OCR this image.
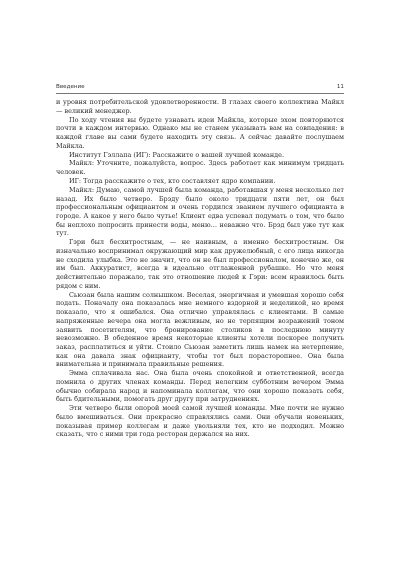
Введение	11

и уровня потребительской удовлетворенности. В глазах своего коллектива Майкл — великий менеджер.

По ходу чтения вы будете узнавать идеи Майкла, которые эхом повторяются почти в каждом интервью. Однако мы не станем указывать вам на совпадения: в каждой главе вы сами будете находить эту связь. А сейчас давайте послушаем Майкла.

Институт Гэллапа (ИГ): Расскажите о вашей лучшей команде.

Майкл: Уточните, пожалуйста, вопрос. Здесь работает как минимум тридцать человек.

ИГ: Тогда расскажите о тех, кто составляет ядро компании.

Майкл: Думаю, самой лучшей была команда, работавшая у меня несколько лет назад. Их было четверо. Брэду было около тридцати пяти лет, он был профессиональным официантом и очень гордился званием лучшего официанта в городе. А какое у него было чутье! Клиент едва успевал подумать о том, что было бы неплохо попросить принести воды, меню… неважно что. Брэд был уже тут как тут.

Гэри был бесхитростным, — не наивным, а именно бесхитростным. Он изначально воспринимал окружающий мир как дружелюбный, с его лица никогда не сходила улыбка. Это не значит, что он не был профессионалом, конечно же, он им был. Аккуратист, всегда в идеально отглаженной рубашке. Но что меня действительно поражало, так это отношение людей к Гэри: всем нравилось быть рядом с ним.

Сьюзан была нашим солнышком. Веселая, энергичная и умевшая хорошо себя подать. Поначалу она показалась мне немного вздорной и неделикой, но время показало, что я ошибался. Она отлично управлялась с клиентами. В самые напряженные вечера она могла вежливым, но не терпящим возражений тоном заявить посетителям, что бронирование столиков в последнюю минуту невозможно. В обеденное время некоторые клиенты хотели поскорее получить заказ, расплатиться и уйти. Стоило Сьюзан заметить лишь намек на нетерпение, как она давала знак официанту, чтобы тот был порасторопнее. Она была внимательна и принимала правильные решения.

Эмма сплачивала нас. Она была очень спокойной и ответственной, всегда помнила о других членах команды. Перед нелегким субботним вечером Эмма обычно собирала народ и напоминала коллегам, что они хорошо показать себя, быть бдительными, помогать друг другу при затруднениях.

Эти четверо были опорой моей самой лучшей команды. Мне почти не нужно было вмешиваться. Они прекрасно справлялись сами. Они обучали новеньких, показывая пример коллегам и даже увольняли тех, кто не подходил. Можно сказать, что с ними три года ресторан держался на них.
